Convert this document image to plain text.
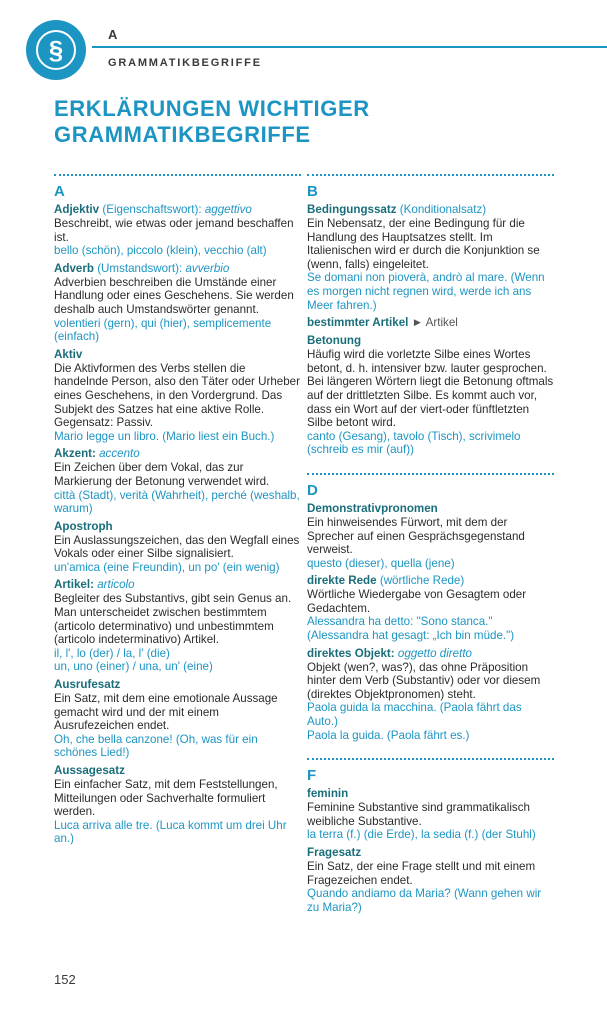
§
A
GRAMMATIKBEGRIFFE
ERKLÄRUNGEN WICHTIGER
GRAMMATIKBEGRIFFE
A
Adjektiv (Eigenschaftswort): aggettivo
Beschreibt, wie etwas oder jemand beschaffen ist.
bello (schön), piccolo (klein), vecchio (alt)
Adverb (Umstandswort): avverbio
Adverbien beschreiben die Umstände einer Handlung oder eines Geschehens. Sie werden deshalb auch Umstandswörter genannt.
volentieri (gern), qui (hier), semplicemente (einfach)
Aktiv
Die Aktivformen des Verbs stellen die handelnde Person, also den Täter oder Urheber eines Geschehens, in den Vordergrund. Das Subjekt des Satzes hat eine aktive Rolle. Gegensatz: Passiv.
Mario legge un libro. (Mario liest ein Buch.)
Akzent: accento
Ein Zeichen über dem Vokal, das zur Markierung der Betonung verwendet wird.
città (Stadt), verità (Wahrheit), perché (weshalb, warum)
Apostroph
Ein Auslassungszeichen, das den Wegfall eines Vokals oder einer Silbe signalisiert.
un'amica (eine Freundin), un po' (ein wenig)
Artikel: articolo
Begleiter des Substantivs, gibt sein Genus an. Man unterscheidet zwischen bestimmtem (articolo determinativo) und unbestimmtem (articolo indeterminativo) Artikel.
il, l', lo (der) / la, l' (die)
un, uno (einer) / una, un' (eine)
Ausrufesatz
Ein Satz, mit dem eine emotionale Aussage gemacht wird und der mit einem Ausrufezeichen endet.
Oh, che bella canzone! (Oh, was für ein schönes Lied!)
Aussagesatz
Ein einfacher Satz, mit dem Feststellungen, Mitteilungen oder Sachverhalte formuliert werden.
Luca arriva alle tre. (Luca kommt um drei Uhr an.)
B
Bedingungssatz (Konditionalsatz)
Ein Nebensatz, der eine Bedingung für die Handlung des Hauptsatzes stellt. Im Italienischen wird er durch die Konjunktion se (wenn, falls) eingeleitet.
Se domani non pioverà, andrò al mare. (Wenn es morgen nicht regnen wird, werde ich ans Meer fahren.)
bestimmter Artikel ► Artikel
Betonung
Häufig wird die vorletzte Silbe eines Wortes betont, d. h. intensiver bzw. lauter gesprochen. Bei längeren Wörtern liegt die Betonung oftmals auf der drittletzten Silbe. Es kommt auch vor, dass ein Wort auf der viert-oder fünftletzten Silbe betont wird.
canto (Gesang), tavolo (Tisch), scrivimelo (schreib es mir (auf))
D
Demonstrativpronomen
Ein hinweisendes Fürwort, mit dem der Sprecher auf einen Gesprächsgegenstand verweist.
questo (dieser), quella (jene)
direkte Rede (wörtliche Rede)
Wörtliche Wiedergabe von Gesagtem oder Gedachtem.
Alessandra ha detto: "Sono stanca." (Alessandra hat gesagt: „Ich bin müde.")
direktes Objekt: oggetto diretto
Objekt (wen?, was?), das ohne Präposition hinter dem Verb (Substantiv) oder vor diesem (direktes Objektpronomen) steht.
Paola guida la macchina. (Paola fährt das Auto.)
Paola la guida. (Paola fährt es.)
F
feminin
Feminine Substantive sind grammatikalisch weibliche Substantive.
la terra (f.) (die Erde), la sedia (f.) (der Stuhl)
Fragesatz
Ein Satz, der eine Frage stellt und mit einem Fragezeichen endet.
Quando andiamo da Maria? (Wann gehen wir zu Maria?)
152
